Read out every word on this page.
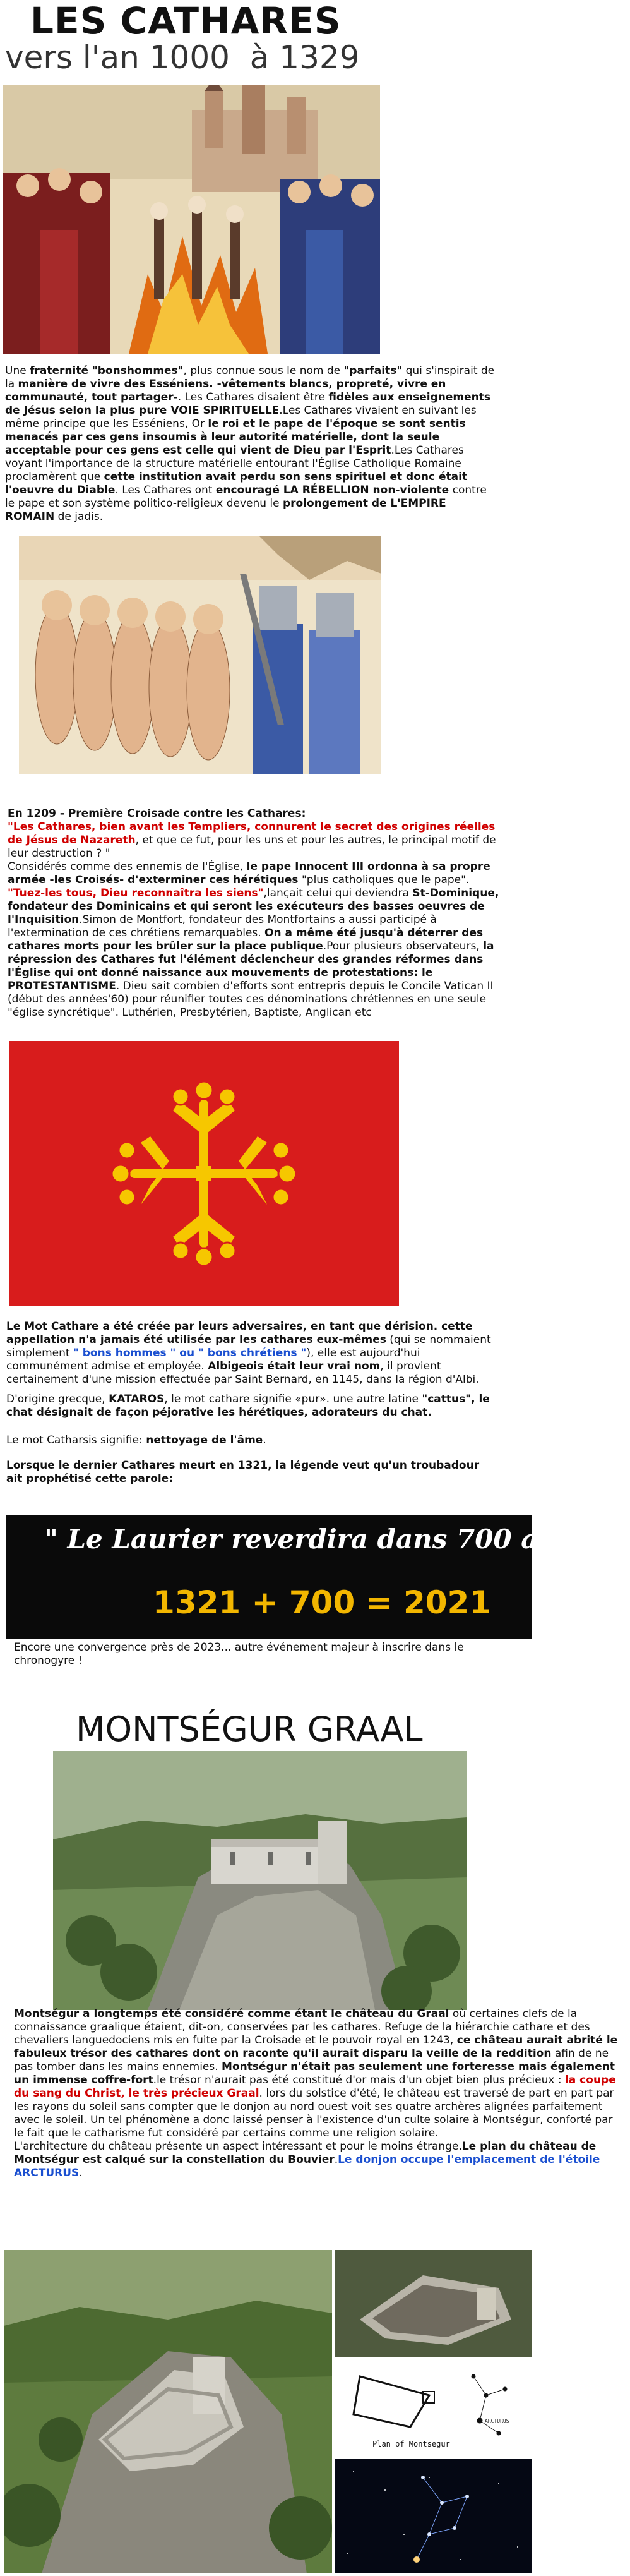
LES CATHARES
vers l'an 1000  à 1329

Une fraternité "bonshommes", plus connue sous le nom de "parfaits" qui s'inspirait de la manière de vivre des Esséniens. -vêtements blancs, propreté, vivre en communauté, tout partager-. Les Cathares disaient être fidèles aux enseignements de Jésus selon la plus pure VOIE SPIRITUELLE.Les Cathares vivaient en suivant les même principe que les Esséniens, Or le roi et le pape de l'époque se sont sentis menacés par ces gens insoumis à leur autorité matérielle, dont la seule acceptable pour ces gens est celle qui vient de Dieu par l'Esprit.Les Cathares voyant l'importance de la structure matérielle entourant l'Église Catholique Romaine proclamèrent que cette institution avait perdu son sens spirituel et donc était l'oeuvre du Diable. Les Cathares ont encouragé LA RÉBELLION non-violente contre le pape et son système politico-religieux devenu le prolongement de L'EMPIRE ROMAIN de jadis.

En 1209 - Première Croisade contre les Cathares:
"Les Cathares, bien avant les Templiers, connurent le secret des origines réelles de Jésus de Nazareth, et que ce fut, pour les uns et pour les autres, le principal motif de leur destruction ? "
Considérés comme des ennemis de l'Église, le pape Innocent III ordonna à sa propre armée -les Croisés- d'exterminer ces hérétiques "plus catholiques que le pape". "Tuez-les tous, Dieu reconnaîtra les siens",lançait celui qui deviendra St-Dominique, fondateur des Dominicains et qui seront les exécuteurs des basses oeuvres de l'Inquisition.Simon de Montfort, fondateur des Montfortains a aussi participé à l'extermination de ces chrétiens remarquables. On a même été jusqu'à déterrer des cathares morts pour les brûler sur la place publique.Pour plusieurs observateurs, la répression des Cathares fut l'élément déclencheur des grandes réformes dans l'Église qui ont donné naissance aux mouvements de protestations: le PROTESTANTISME. Dieu sait combien d'efforts sont entrepris depuis le Concile Vatican II (début des années'60) pour réunifier toutes ces dénominations chrétiennes en une seule "église syncrétique". Luthérien, Presbytérien, Baptiste, Anglican etc

Le Mot Cathare a été créée par leurs adversaires, en tant que dérision. cette appellation n'a jamais été utilisée par les cathares eux-mêmes (qui se nommaient simplement " bons hommes " ou " bons chrétiens "), elle est aujourd'hui communément admise et employée. Albigeois était leur vrai nom, il provient certainement d'une mission effectuée par Saint Bernard, en 1145, dans la région d'Albi.

D'origine grecque, KATAROS, le mot cathare signifie «pur». une autre latine "cattus", le chat désignait de façon péjorative les hérétiques, adorateurs du chat.

Le mot Catharsis signifie: nettoyage de l'âme.

Lorsque le dernier Cathares meurt en 1321, la légende veut qu'un troubadour ait prophétisé cette parole:

" Le Laurier reverdira dans 700 ans."
1321 + 700 = 2021

Encore une convergence près de 2023... autre événement majeur à inscrire dans le chronogyre !

MONTSÉGUR GRAAL

Montségur a longtemps été considéré comme étant le château du Graal où certaines clefs de la connaissance graalique étaient, dit-on, conservées par les cathares. Refuge de la hiérarchie cathare et des chevaliers languedociens mis en fuite par la Croisade et le pouvoir royal en 1243, ce château aurait abrité le fabuleux trésor des cathares dont on raconte qu'il aurait disparu la veille de la reddition afin de ne pas tomber dans les mains ennemies. Montségur n'était pas seulement une forteresse mais également un immense coffre-fort.le trésor n'aurait pas été constitué d'or mais d'un objet bien plus précieux : la coupe du sang du Christ, le très précieux Graal. lors du solstice d'été, le château est traversé de part en part par les rayons du soleil sans compter que le donjon au nord ouest voit ses quatre archères alignées parfaitement avec le soleil. Un tel phénomène a donc laissé penser à l'existence d'un culte solaire à Montségur, conforté par le fait que le catharisme fut considéré par certains comme une religion solaire.
L'architecture du château présente un aspect intéressant et pour le moins étrange.Le plan du château de Montségur est calqué sur la constellation du Bouvier.Le donjon occupe l'emplacement de l'étoile ARCTURUS.

ARCTURUS
Plan of Montsegur
